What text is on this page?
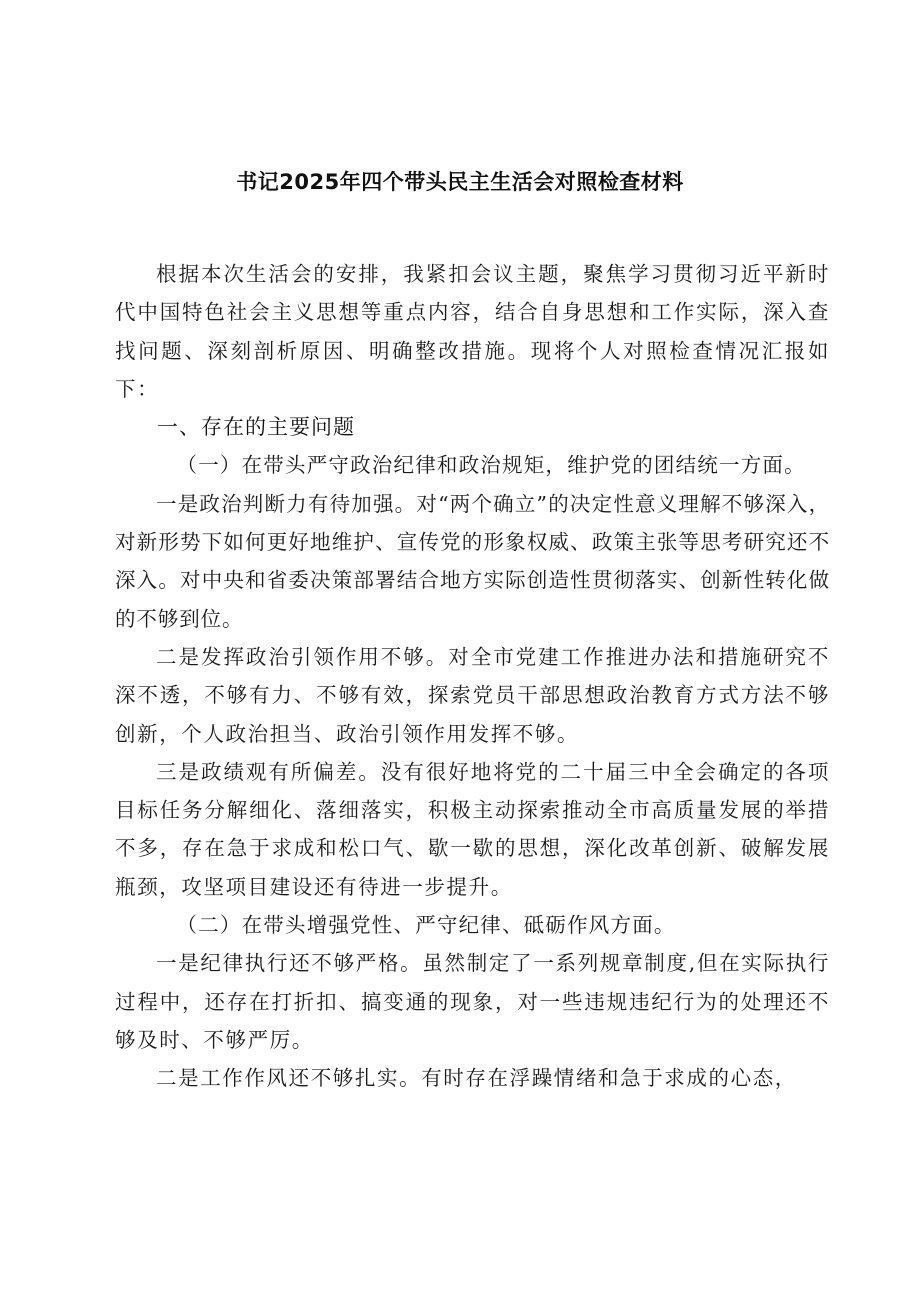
书记2025年四个带头民主生活会对照检查材料

根据本次生活会的安排，我紧扣会议主题，聚焦学习贯彻习近平新时代中国特色社会主义思想等重点内容，结合自身思想和工作实际，深入查找问题、深刻剖析原因、明确整改措施。现将个人对照检查情况汇报如下：

一、存在的主要问题

（一）在带头严守政治纪律和政治规矩，维护党的团结统一方面。

一是政治判断力有待加强。对“两个确立”的决定性意义理解不够深入，对新形势下如何更好地维护、宣传党的形象权威、政策主张等思考研究还不深入。对中央和省委决策部署结合地方实际创造性贯彻落实、创新性转化做的不够到位。

二是发挥政治引领作用不够。对全市党建工作推进办法和措施研究不深不透，不够有力、不够有效，探索党员干部思想政治教育方式方法不够创新，个人政治担当、政治引领作用发挥不够。

三是政绩观有所偏差。没有很好地将党的二十届三中全会确定的各项目标任务分解细化、落细落实，积极主动探索推动全市高质量发展的举措不多，存在急于求成和松口气、歇一歇的思想，深化改革创新、破解发展瓶颈，攻坚项目建设还有待进一步提升。

（二）在带头增强党性、严守纪律、砥砺作风方面。

一是纪律执行还不够严格。虽然制定了一系列规章制度,但在实际执行过程中，还存在打折扣、搞变通的现象，对一些违规违纪行为的处理还不够及时、不够严厉。

二是工作作风还不够扎实。有时存在浮躁情绪和急于求成的心态，
